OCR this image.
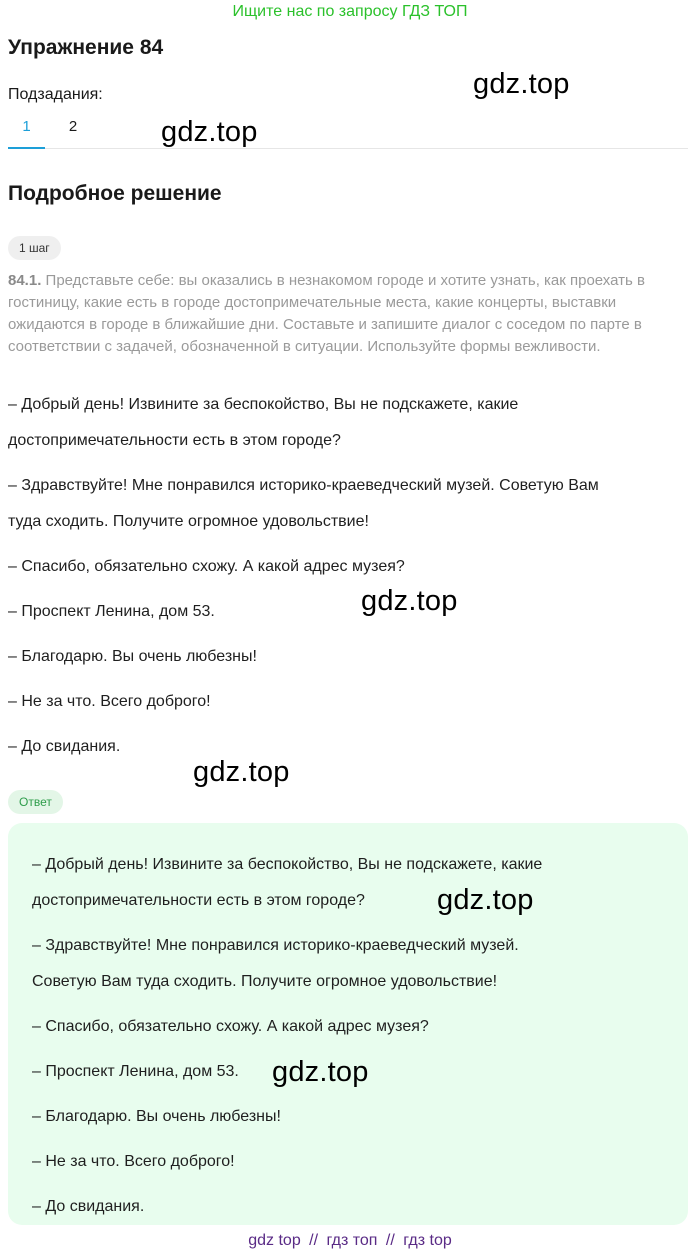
Ищите нас по запросу ГДЗ ТОП
Упражнение 84
Подзадания:
1	2
Подробное решение
1 шаг
84.1. Представьте себе: вы оказались в незнакомом городе и хотите узнать, как проехать в гостиницу, какие есть в городе достопримечательные места, какие концерты, выставки ожидаются в городе в ближайшие дни. Составьте и запишите диалог с соседом по парте в соответствии с задачей, обозначенной в ситуации. Используйте формы вежливости.
– Добрый день! Извините за беспокойство, Вы не подскажете, какие
достопримечательности есть в этом городе?
– Здравствуйте! Мне понравился историко-краеведческий музей. Советую Вам
туда сходить. Получите огромное удовольствие!
– Спасибо, обязательно схожу. А какой адрес музея?
– Проспект Ленина, дом 53.
– Благодарю. Вы очень любезны!
– Не за что. Всего доброго!
– До свидания.
Ответ
– Добрый день! Извините за беспокойство, Вы не подскажете, какие
достопримечательности есть в этом городе?
– Здравствуйте! Мне понравился историко-краеведческий музей.
Советую Вам туда сходить. Получите огромное удовольствие!
– Спасибо, обязательно схожу. А какой адрес музея?
– Проспект Ленина, дом 53.
– Благодарю. Вы очень любезны!
– Не за что. Всего доброго!
– До свидания.
gdz.top
gdz.top
gdz.top
gdz.top
gdz.top
gdz.top
gdz top // гдз топ // гдз top
